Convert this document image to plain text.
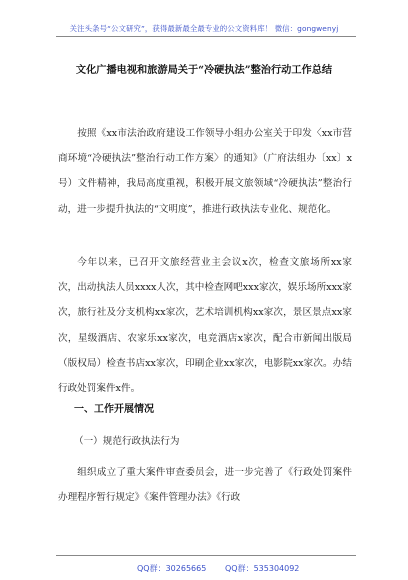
关注头条号“公文研究”，获得最新最全最专业的公文资料库！ 微信：gongwenyj
文化广播电视和旅游局关于“冷硬执法”整治行动工作总结

按照《xx市法治政府建设工作领导小组办公室关于印发〈xx市营商环境“冷硬执法”整治行动工作方案〉的通知》（广府法组办〔xx〕x号）文件精神，我局高度重视，积极开展文旅领域“冷硬执法”整治行动，进一步提升执法的“文明度”，推进行政执法专业化、规范化。

今年以来，已召开文旅经营业主会议x次，检查文旅场所xx家次，出动执法人员xxxx人次，其中检查网吧xxx家次，娱乐场所xxx家次，旅行社及分支机构xx家次，艺术培训机构xx家次，景区景点xx家次，星级酒店、农家乐xx家次，电竞酒店x家次，配合市新闻出版局（版权局）检查书店xx家次，印刷企业xx家次，电影院xx家次。办结行政处罚案件x件。

一、工作开展情况
（一）规范行政执法行为

组织成立了重大案件审查委员会，进一步完善了《行政处罚案件办理程序暂行规定》《案件管理办法》《行政

QQ群：30265665 QQ群：535304092
